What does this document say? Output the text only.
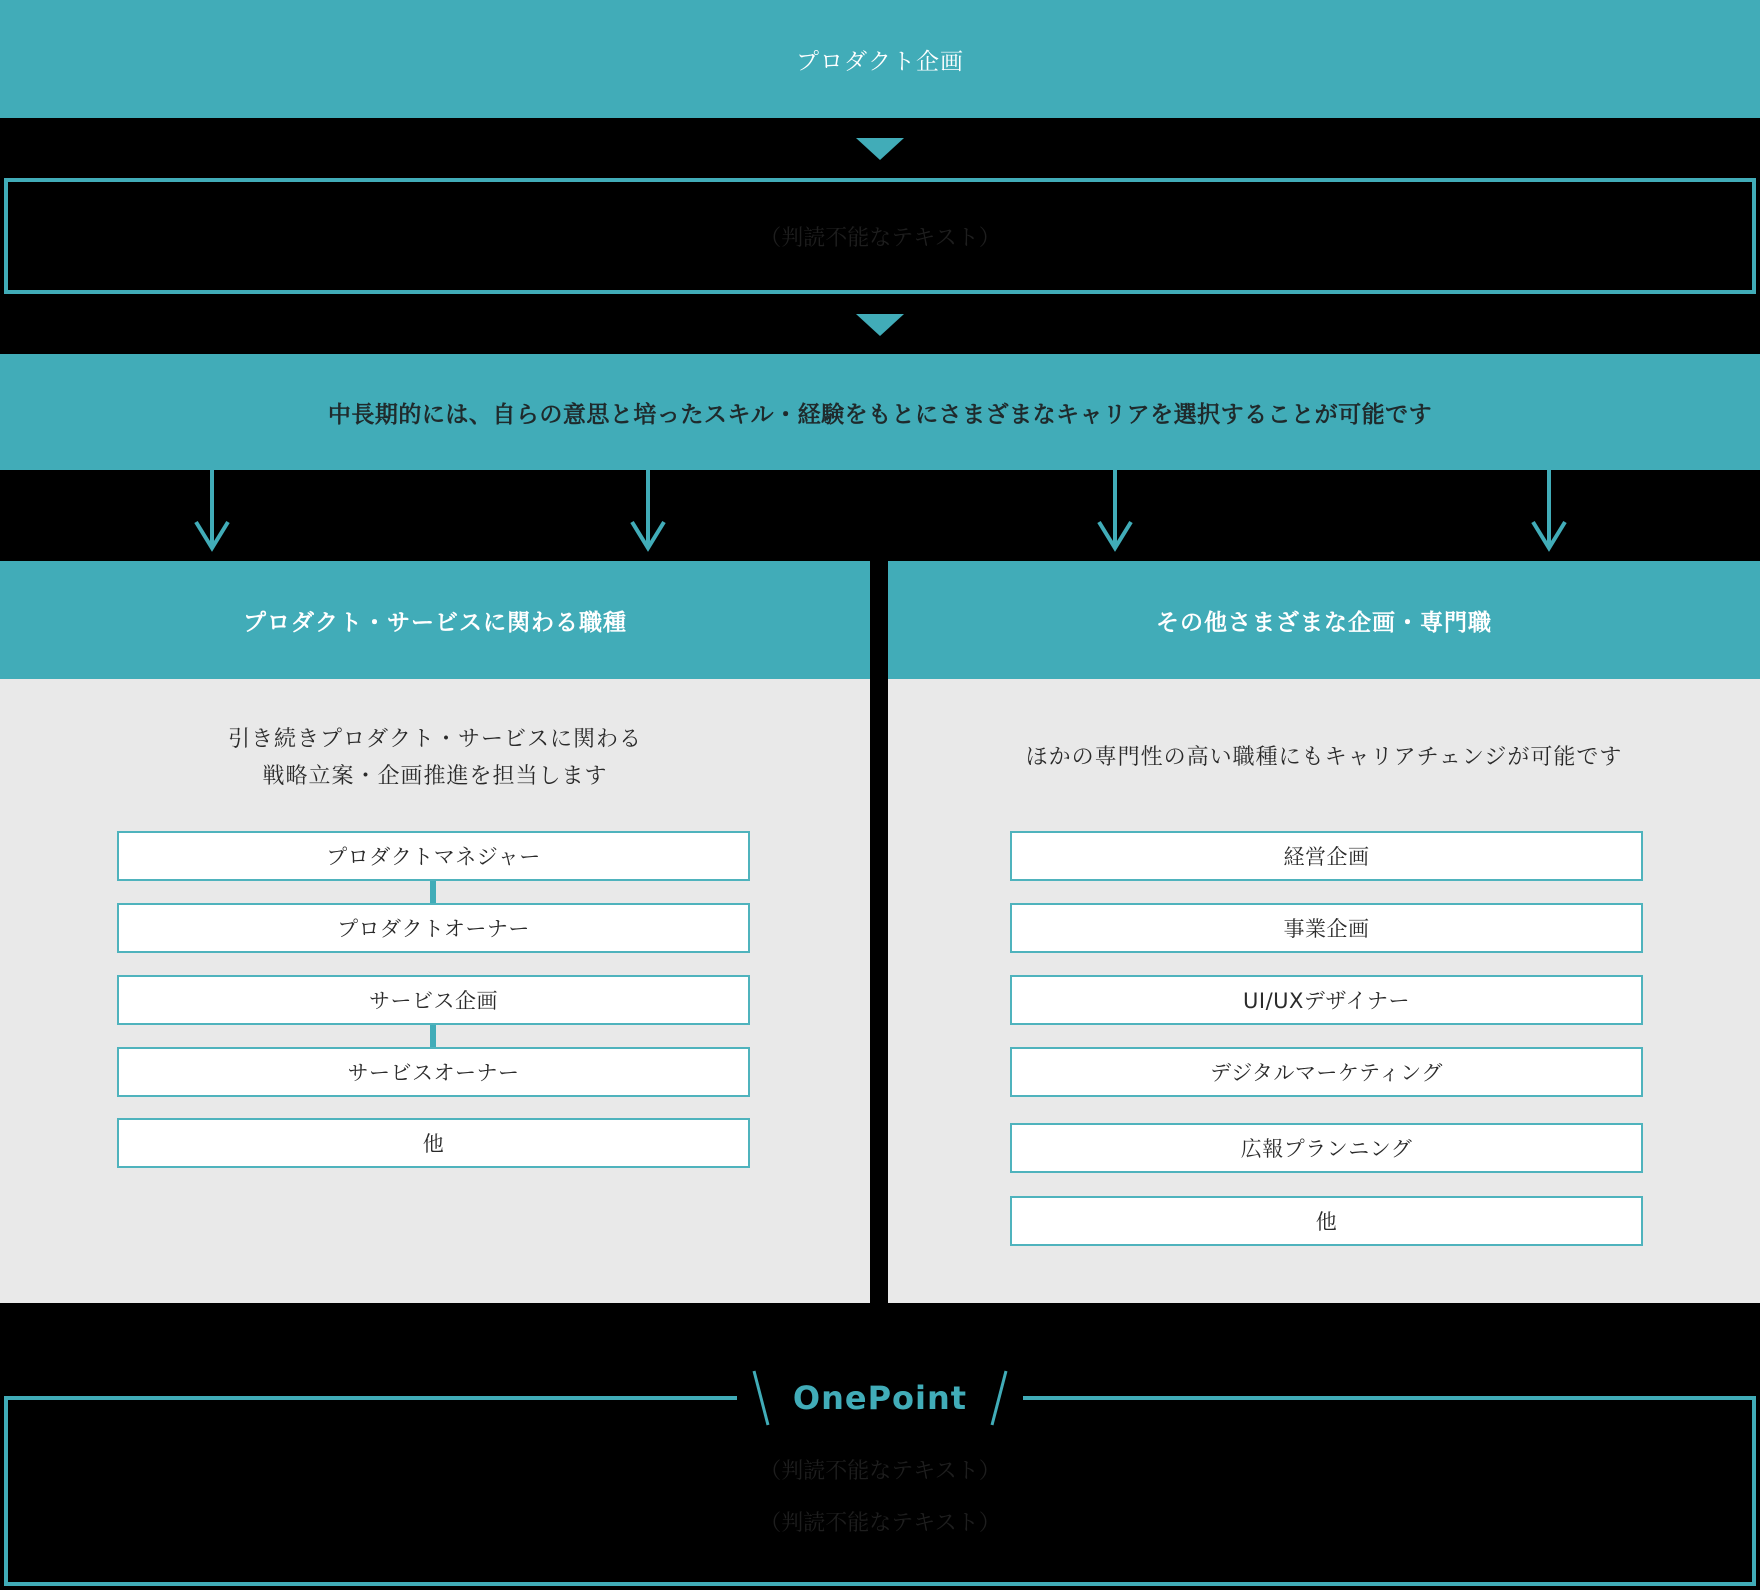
プロダクト企画
（判読不能なテキスト）
中長期的には、自らの意思と培ったスキル・経験をもとにさまざまなキャリアを選択することが可能です
プロダクト・サービスに関わる職種
引き続きプロダクト・サービスに関わる
戦略立案・企画推進を担当します
プロダクトマネジャー
プロダクトオーナー
サービス企画
サービスオーナー
他
その他さまざまな企画・専門職
ほかの専門性の高い職種にもキャリアチェンジが可能です
経営企画
事業企画
UI/UXデザイナー
デジタルマーケティング
広報プランニング
他
OnePoint
（判読不能なテキスト）
（判読不能なテキスト）
